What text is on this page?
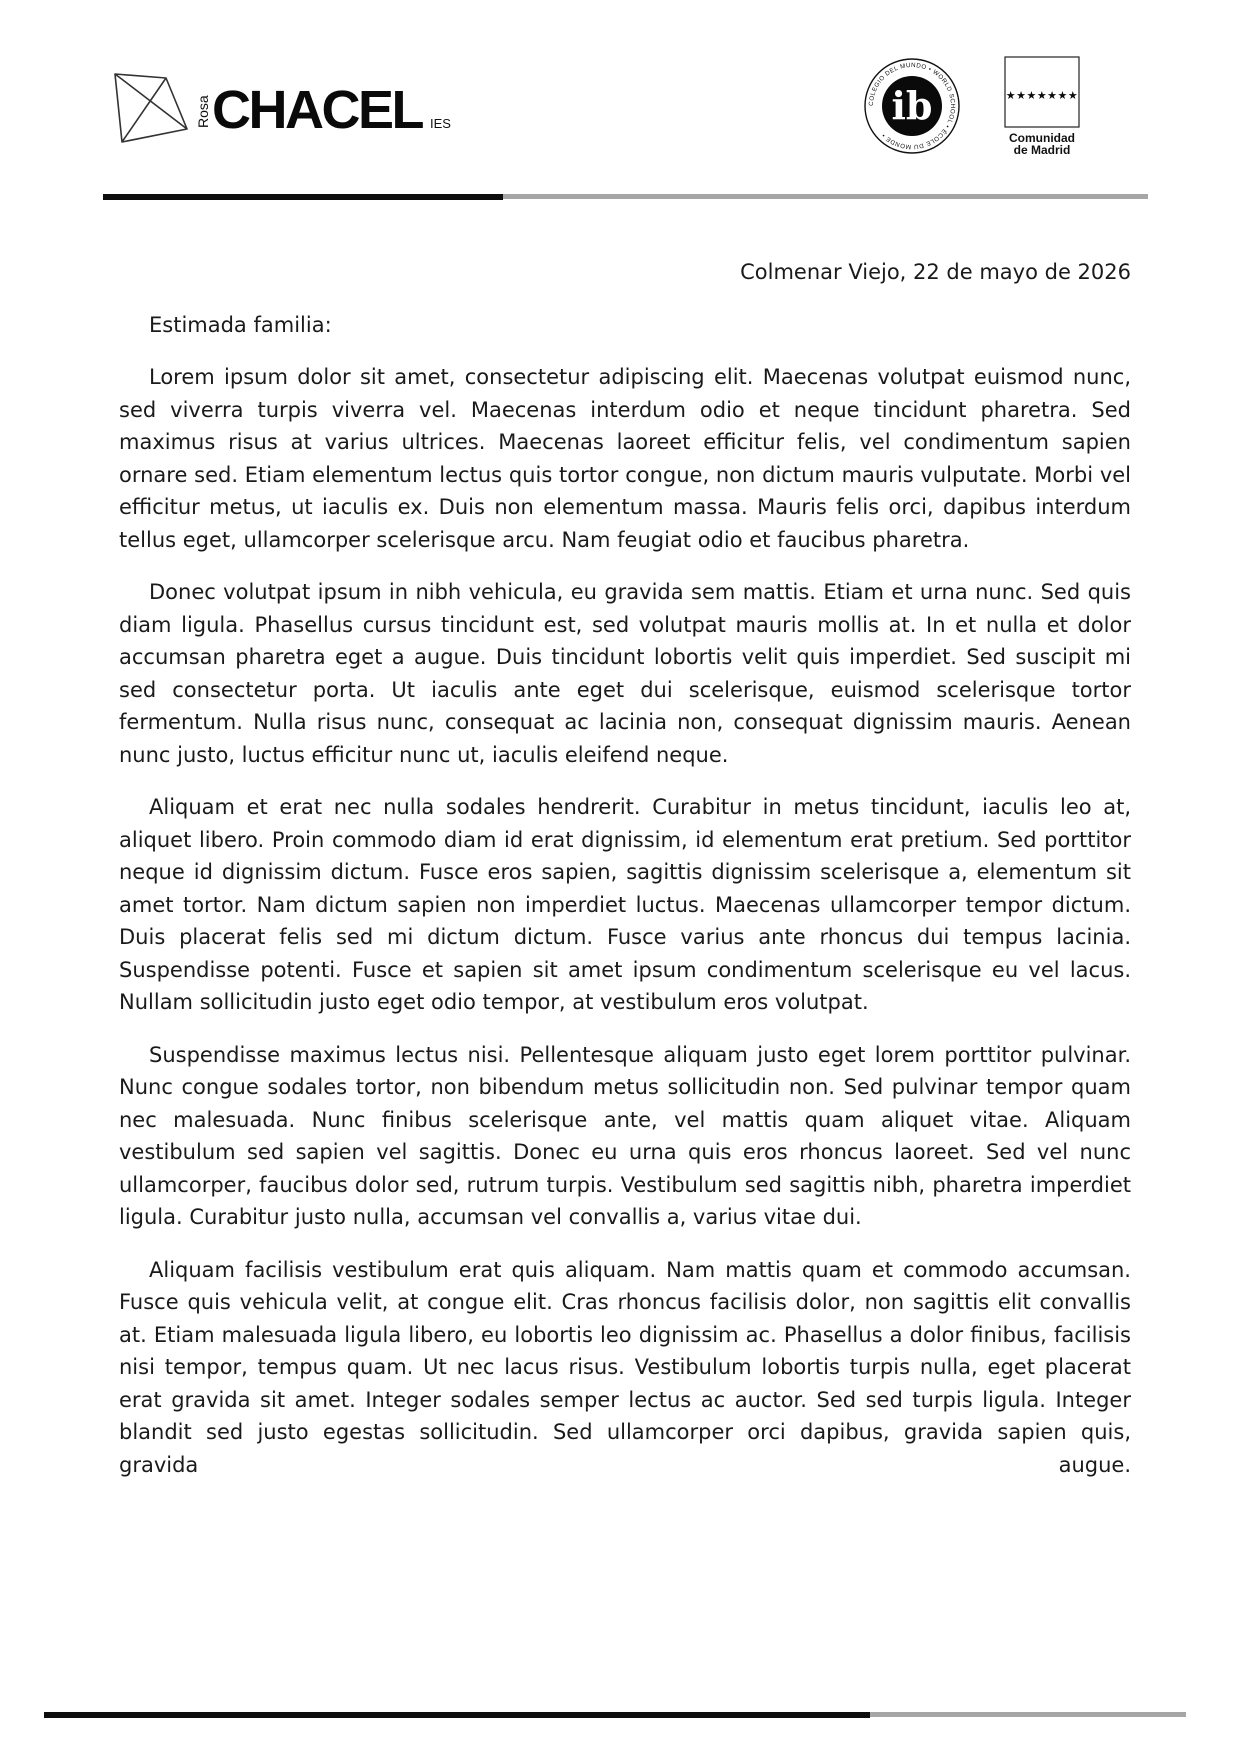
Rosa CHACEL IES
COLEGIO DEL MUNDO • WORLD SCHOOL • ÉCOLE DU MONDE •
ib	★★★★★★★
Comunidad
de Madrid

Colmenar Viejo, 22 de mayo de 2026

Estimada familia:

Lorem ipsum dolor sit amet, consectetur adipiscing elit. Maecenas volutpat euismod nunc, sed viverra turpis viverra vel. Maecenas interdum odio et neque tincidunt pharetra. Sed maximus risus at varius ultrices. Maecenas laoreet efficitur felis, vel condimentum sapien ornare sed. Etiam elementum lectus quis tortor congue, non dictum mauris vulputate. Morbi vel efficitur metus, ut iaculis ex. Duis non elementum massa. Mauris felis orci, dapibus interdum tellus eget, ullamcorper scelerisque arcu. Nam feugiat odio et faucibus pharetra.

Donec volutpat ipsum in nibh vehicula, eu gravida sem mattis. Etiam et urna nunc. Sed quis diam ligula. Phasellus cursus tincidunt est, sed volutpat mauris mollis at. In et nulla et dolor accumsan pharetra eget a augue. Duis tincidunt lobortis velit quis imperdiet. Sed suscipit mi sed consectetur porta. Ut iaculis ante eget dui scelerisque, euismod scelerisque tortor fermentum. Nulla risus nunc, consequat ac lacinia non, consequat dignissim mauris. Aenean nunc justo, luctus efficitur nunc ut, iaculis eleifend neque.

Aliquam et erat nec nulla sodales hendrerit. Curabitur in metus tincidunt, iaculis leo at, aliquet libero. Proin commodo diam id erat dignissim, id elementum erat pretium. Sed porttitor neque id dignissim dictum. Fusce eros sapien, sagittis dignissim scelerisque a, elementum sit amet tortor. Nam dictum sapien non imperdiet luctus. Maecenas ullamcorper tempor dictum. Duis placerat felis sed mi dictum dictum. Fusce varius ante rhoncus dui tempus lacinia. Suspendisse potenti. Fusce et sapien sit amet ipsum condimentum scelerisque eu vel lacus. Nullam sollicitudin justo eget odio tempor, at vestibulum eros volutpat.

Suspendisse maximus lectus nisi. Pellentesque aliquam justo eget lorem porttitor pulvinar. Nunc congue sodales tortor, non bibendum metus sollicitudin non. Sed pulvinar tempor quam nec malesuada. Nunc finibus scelerisque ante, vel mattis quam aliquet vitae. Aliquam vestibulum sed sapien vel sagittis. Donec eu urna quis eros rhoncus laoreet. Sed vel nunc ullamcorper, faucibus dolor sed, rutrum turpis. Vestibulum sed sagittis nibh, pharetra imperdiet ligula. Curabitur justo nulla, accumsan vel convallis a, varius vitae dui.

Aliquam facilisis vestibulum erat quis aliquam. Nam mattis quam et commodo accumsan. Fusce quis vehicula velit, at congue elit. Cras rhoncus facilisis dolor, non sagittis elit convallis at. Etiam malesuada ligula libero, eu lobortis leo dignissim ac. Phasellus a dolor finibus, facilisis nisi tempor, tempus quam. Ut nec lacus risus. Vestibulum lobortis turpis nulla, eget placerat erat gravida sit amet. Integer sodales semper lectus ac auctor. Sed sed turpis ligula. Integer blandit sed justo egestas sollicitudin. Sed ullamcorper orci dapibus, gravida sapien quis, gravida augue.
